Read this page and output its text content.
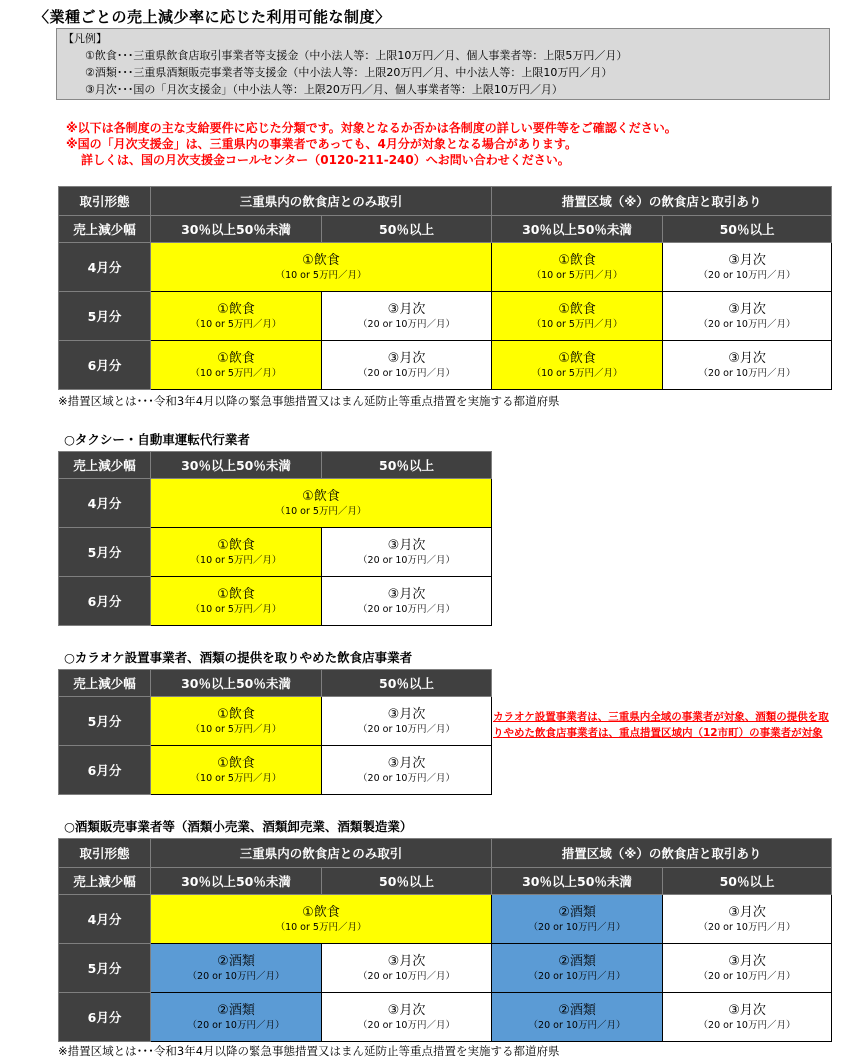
〈業種ごとの売上減少率に応じた利用可能な制度〉
【凡例】
①飲食･･･三重県飲食店取引事業者等支援金（中小法人等：上限10万円／月、個人事業者等：上限5万円／月）
②酒類･･･三重県酒類販売事業者等支援金（中小法人等：上限20万円／月、中小法人等：上限10万円／月）
③月次･･･国の「月次支援金」（中小法人等：上限20万円／月、個人事業者等：上限10万円／月）
※以下は各制度の主な支給要件に応じた分類です。対象となるか否かは各制度の詳しい要件等をご確認ください。
※国の「月次支援金」は、三重県内の事業者であっても、4月分が対象となる場合があります。
詳しくは、国の月次支援金コールセンター（0120-211-240）へお問い合わせください。
取引形態	三重県内の飲食店とのみ取引		措置区域（※）の飲食店と取引あり	
売上減少幅	30％以上50％未満	50％以上	30％以上50％未満	50％以上
4月分	①飲食
（10 or 5万円／月）		①飲食
（10 or 5万円／月）	③月次
（20 or 10万円／月）

5月分	①飲食
（10 or 5万円／月）	③月次
（20 or 10万円／月）	①飲食
（10 or 5万円／月）	③月次
（20 or 10万円／月）

6月分	①飲食
（10 or 5万円／月）	③月次
（20 or 10万円／月）	①飲食
（10 or 5万円／月）	③月次
（20 or 10万円／月）
※措置区域とは･･･令和3年4月以降の緊急事態措置又はまん延防止等重点措置を実施する都道府県
○タクシー・自動車運転代行業者
売上減少幅	30％以上50％未満	50％以上
4月分	①飲食
（10 or 5万円／月）	

5月分	①飲食
（10 or 5万円／月）	③月次
（20 or 10万円／月）

6月分	①飲食
（10 or 5万円／月）	③月次
（20 or 10万円／月）
○カラオケ設置事業者、酒類の提供を取りやめた飲食店事業者
売上減少幅	30％以上50％未満	50％以上
5月分	①飲食
（10 or 5万円／月）	③月次
（20 or 10万円／月）

6月分	①飲食
（10 or 5万円／月）	③月次
（20 or 10万円／月）
カラオケ設置事業者は、三重県内全域の事業者が対象、酒類の提供を取りやめた飲食店事業者は、重点措置区域内（12市町）の事業者が対象
○酒類販売事業者等（酒類小売業、酒類卸売業、酒類製造業）
取引形態	三重県内の飲食店とのみ取引		措置区域（※）の飲食店と取引あり	
売上減少幅	30％以上50％未満	50％以上	30％以上50％未満	50％以上
4月分	①飲食
（10 or 5万円／月）		②酒類
（20 or 10万円／月）	③月次
（20 or 10万円／月）

5月分	②酒類
（20 or 10万円／月）	③月次
（20 or 10万円／月）	②酒類
（20 or 10万円／月）	③月次
（20 or 10万円／月）

6月分	②酒類
（20 or 10万円／月）	③月次
（20 or 10万円／月）	②酒類
（20 or 10万円／月）	③月次
（20 or 10万円／月）
※措置区域とは･･･令和3年4月以降の緊急事態措置又はまん延防止等重点措置を実施する都道府県
